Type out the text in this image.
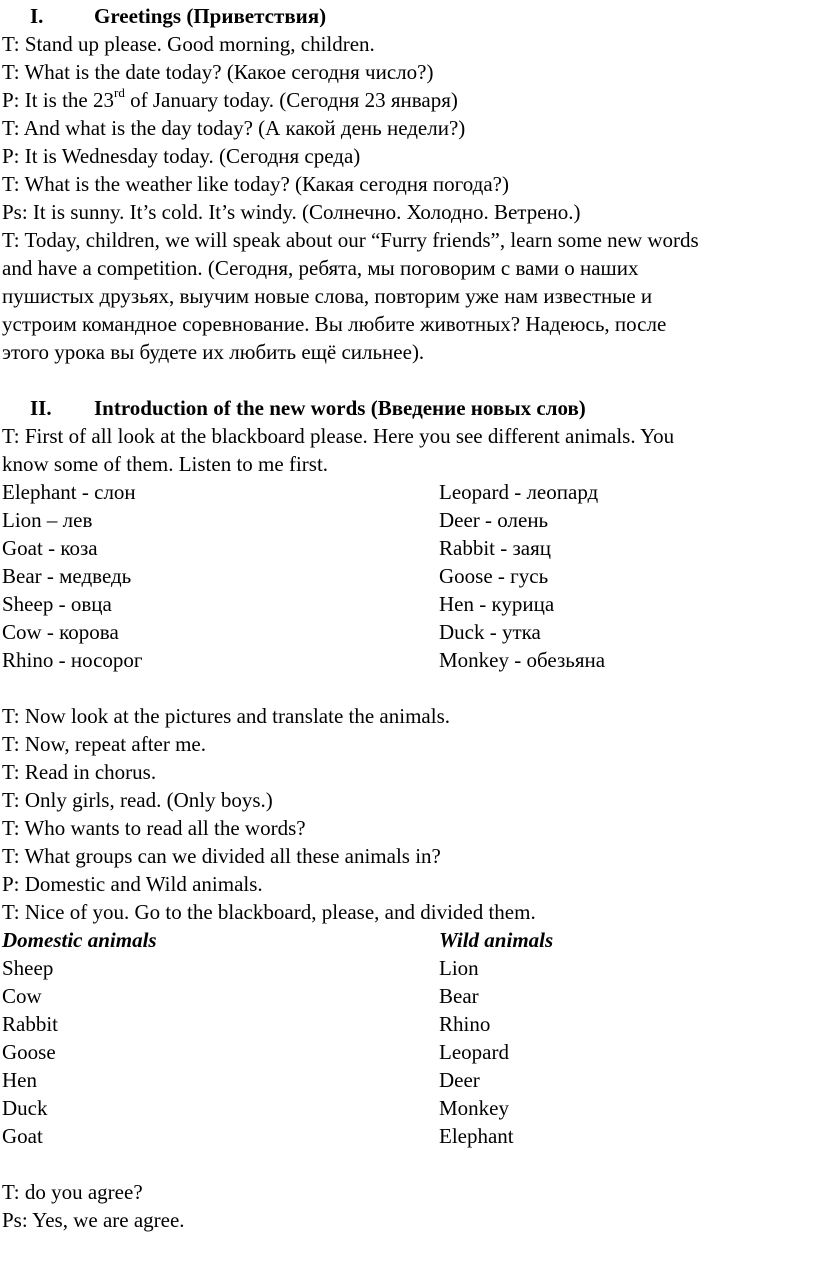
I. Greetings (Приветствия)
T: Stand up please. Good morning, children.
T: What is the date today? (Какое сегодня число?)
P: It is the 23rd of January today. (Сегодня 23 января)
T: And what is the day today? (А какой день недели?)
P: It is Wednesday today. (Сегодня среда)
T: What is the weather like today? (Какая сегодня погода?)
Ps: It is sunny. It’s cold. It’s windy. (Солнечно. Холодно. Ветрено.)
T: Today, children, we will speak about our “Furry friends”, learn some new words
and have a competition. (Сегодня, ребята, мы поговорим с вами о наших
пушистых друзьях, выучим новые слова, повторим уже нам известные и
устроим командное соревнование. Вы любите животных? Надеюсь, после
этого урока вы будете их любить ещё сильнее).
II. Introduction of the new words (Введение новых слов)
T: First of all look at the blackboard please. Here you see different animals. You
know some of them. Listen to me first.
Elephant - слон	Leopard - леопард
Lion – лев	Deer - олень
Goat - коза	Rabbit - заяц
Bear - медведь	Goose - гусь
Sheep - овца	Hen - курица
Cow - корова	Duck - утка
Rhino - носорог	Monkey - обезьяна
T: Now look at the pictures and translate the animals.
T: Now, repeat after me.
T: Read in chorus.
T: Only girls, read. (Only boys.)
T: Who wants to read all the words?
T: What groups can we divided all these animals in?
P: Domestic and Wild animals.
T: Nice of you. Go to the blackboard, please, and divided them.
Domestic animals	Wild animals
Sheep	Lion
Cow	Bear
Rabbit	Rhino
Goose	Leopard
Hen	Deer
Duck	Monkey
Goat	Elephant
T: do you agree?
Ps: Yes, we are agree.
